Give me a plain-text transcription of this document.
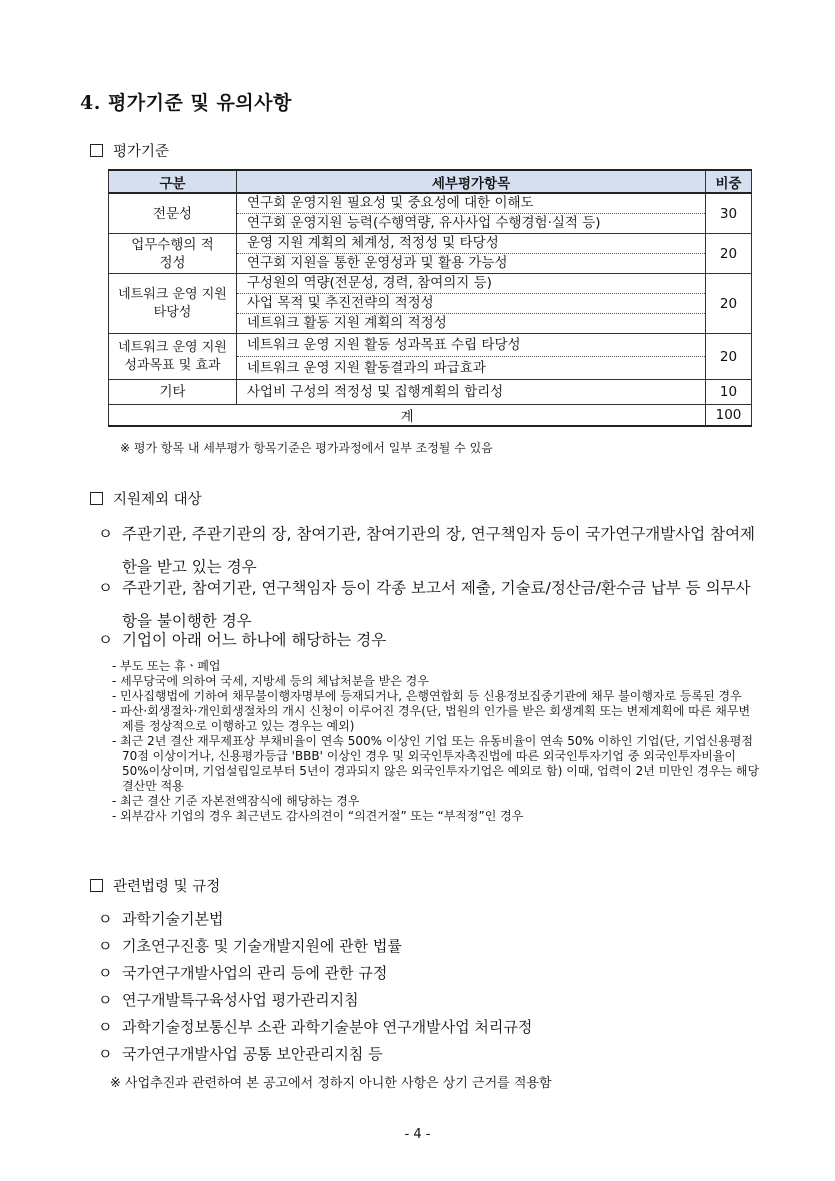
4. 평가기준 및 유의사항
평가기준
구분	세부평가항목	비중
전문성	연구회 운영지원 필요성 및 중요성에 대한 이해도
연구회 운영지원 능력(수행역량, 유사사업 수행경험·실적 등)	30

업무수행의 적정성	운영 지원 계획의 체계성, 적정성 및 타당성
연구회 지원을 통한 운영성과 및 활용 가능성	20

네트워크 운영 지원 타당성	구성원의 역량(전문성, 경력, 참여의지 등)
사업 목적 및 추진전략의 적정성
네트워크 활동 지원 계획의 적정성	20

네트워크 운영 지원 성과목표 및 효과	네트워크 운영 지원 활동 성과목표 수립 타당성
네트워크 운영 지원 활동결과의 파급효과	20
기타	사업비 구성의 적정성 및 집행계획의 합리성	10
계		100
※ 평가 항목 내 세부평가 항목기준은 평가과정에서 일부 조정될 수 있음
지원제외 대상
ㅇ 주관기관, 주관기관의 장, 참여기관, 참여기관의 장, 연구책임자 등이 국가연구개발사업 참여제한을 받고 있는 경우
ㅇ 주관기관, 참여기관, 연구책임자 등이 각종 보고서 제출, 기술료/정산금/환수금 납부 등 의무사항을 불이행한 경우
ㅇ 기업이 아래 어느 하나에 해당하는 경우

- 부도 또는 휴ㆍ폐업

- 세무당국에 의하여 국세, 지방세 등의 체납처분을 받은 경우

- 민사집행법에 기하여 채무불이행자명부에 등재되거나, 은행연합회 등 신용정보집중기관에 채무 불이행자로 등록된 경우

- 파산·회생절차·개인회생절차의 개시 신청이 이루어진 경우(단, 법원의 인가를 받은 회생계획 또는 변제계획에 따른 채무변제를 정상적으로 이행하고 있는 경우는 예외)

- 최근 2년 결산 재무제표상 부채비율이 연속 500% 이상인 기업 또는 유동비율이 연속 50% 이하인 기업(단, 기업신용평점 70점 이상이거나, 신용평가등급 'BBB' 이상인 경우 및 외국인투자촉진법에 따른 외국인투자기업 중 외국인투자비율이 50%이상이며, 기업설립일로부터 5년이 경과되지 않은 외국인투자기업은 예외로 함) 이때, 업력이 2년 미만인 경우는 해당 결산만 적용

- 최근 결산 기준 자본전액잠식에 해당하는 경우

- 외부감사 기업의 경우 최근년도 감사의견이 “의견거절” 또는 “부적정”인 경우

관련법령 및 규정
ㅇ 과학기술기본법
ㅇ 기초연구진흥 및 기술개발지원에 관한 법률
ㅇ 국가연구개발사업의 관리 등에 관한 규정
ㅇ 연구개발특구육성사업 평가관리지침
ㅇ 과학기술정보통신부 소관 과학기술분야 연구개발사업 처리규정
ㅇ 국가연구개발사업 공통 보안관리지침 등
※ 사업추진과 관련하여 본 공고에서 정하지 아니한 사항은 상기 근거를 적용함
- 4 -
